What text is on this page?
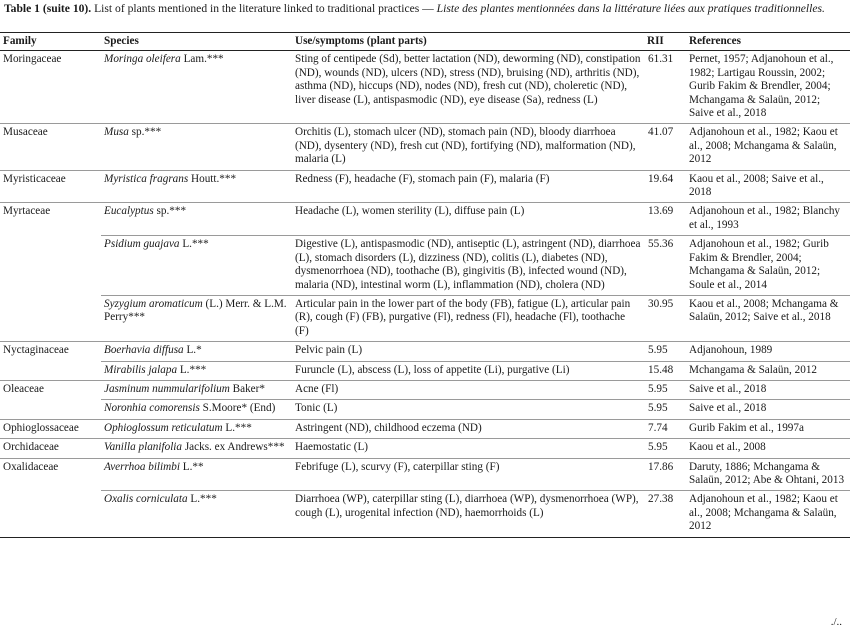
Table 1 (suite 10). List of plants mentioned in the literature linked to traditional practices — Liste des plantes mentionnées dans la littérature liées aux pratiques traditionnelles.
Family	Species	Use/symptoms (plant parts)	RII	References
Moringaceae	Moringa oleifera Lam.***	Sting of centipede (Sd), better lactation (ND), deworming (ND), constipation (ND), wounds (ND), ulcers (ND), stress (ND), bruising (ND), arthritis (ND), asthma (ND), hiccups (ND), nodes (ND), fresh cut (ND), choleretic (ND), liver disease (L), antispasmodic (ND), eye disease (Sa), redness (L)	61.31	Pernet, 1957; Adjanohoun et al., 1982; Lartigau Roussin, 2002; Gurib Fakim & Brendler, 2004; Mchangama & Salaün, 2012; Saive et al., 2018
Musaceae	Musa sp.***	Orchitis (L), stomach ulcer (ND), stomach pain (ND), bloody diarrhoea (ND), dysentery (ND), fresh cut (ND), fortifying (ND), malformation (ND), malaria (L)	41.07	Adjanohoun et al., 1982; Kaou et al., 2008; Mchangama & Salaün, 2012
Myristicaceae	Myristica fragrans Houtt.***	Redness (F), headache (F), stomach pain (F), malaria (F)	19.64	Kaou et al., 2008; Saive et al., 2018
Myrtaceae	Eucalyptus sp.***	Headache (L), women sterility (L), diffuse pain (L)	13.69	Adjanohoun et al., 1982; Blanchy et al., 1993
	Psidium guajava L.***	Digestive (L), antispasmodic (ND), antiseptic (L), astringent (ND), diarrhoea (L), stomach disorders (L), dizziness (ND), colitis (L), diabetes (ND), dysmenorrhoea (ND), toothache (B), gingivitis (B), infected wound (ND), malaria (ND), intestinal worm (L), inflammation (ND), cholera (ND)	55.36	Adjanohoun et al., 1982; Gurib Fakim & Brendler, 2004; Mchangama & Salaün, 2012; Soule et al., 2014
	Syzygium aromaticum (L.) Merr. & L.M. Perry***	Articular pain in the lower part of the body (FB), fatigue (L), articular pain (R), cough (F) (FB), purgative (Fl), redness (Fl), headache (Fl), toothache (F)	30.95	Kaou et al., 2008; Mchangama & Salaün, 2012; Saive et al., 2018
Nyctaginaceae	Boerhavia diffusa L.*	Pelvic pain (L)	5.95	Adjanohoun, 1989
	Mirabilis jalapa L.***	Furuncle (L), abscess (L), loss of appetite (Li), purgative (Li)	15.48	Mchangama & Salaün, 2012
Oleaceae	Jasminum nummularifolium Baker*	Acne (Fl)	5.95	Saive et al., 2018
	Noronhia comorensis S.Moore* (End)	Tonic (L)	5.95	Saive et al., 2018
Ophioglossaceae	Ophioglossum reticulatum L.***	Astringent (ND), childhood eczema (ND)	7.74	Gurib Fakim et al., 1997a
Orchidaceae	Vanilla planifolia Jacks. ex Andrews***	Haemostatic (L)	5.95	Kaou et al., 2008
Oxalidaceae	Averrhoa bilimbi L.**	Febrifuge (L), scurvy (F), caterpillar sting (F)	17.86	Daruty, 1886; Mchangama & Salaün, 2012; Abe & Ohtani, 2013
	Oxalis corniculata L.***	Diarrhoea (WP), caterpillar sting (L), diarrhoea (WP), dysmenorrhoea (WP), cough (L), urogenital infection (ND), haemorrhoids (L)	27.38	Adjanohoun et al., 1982; Kaou et al., 2008; Mchangama & Salaün, 2012
./..
